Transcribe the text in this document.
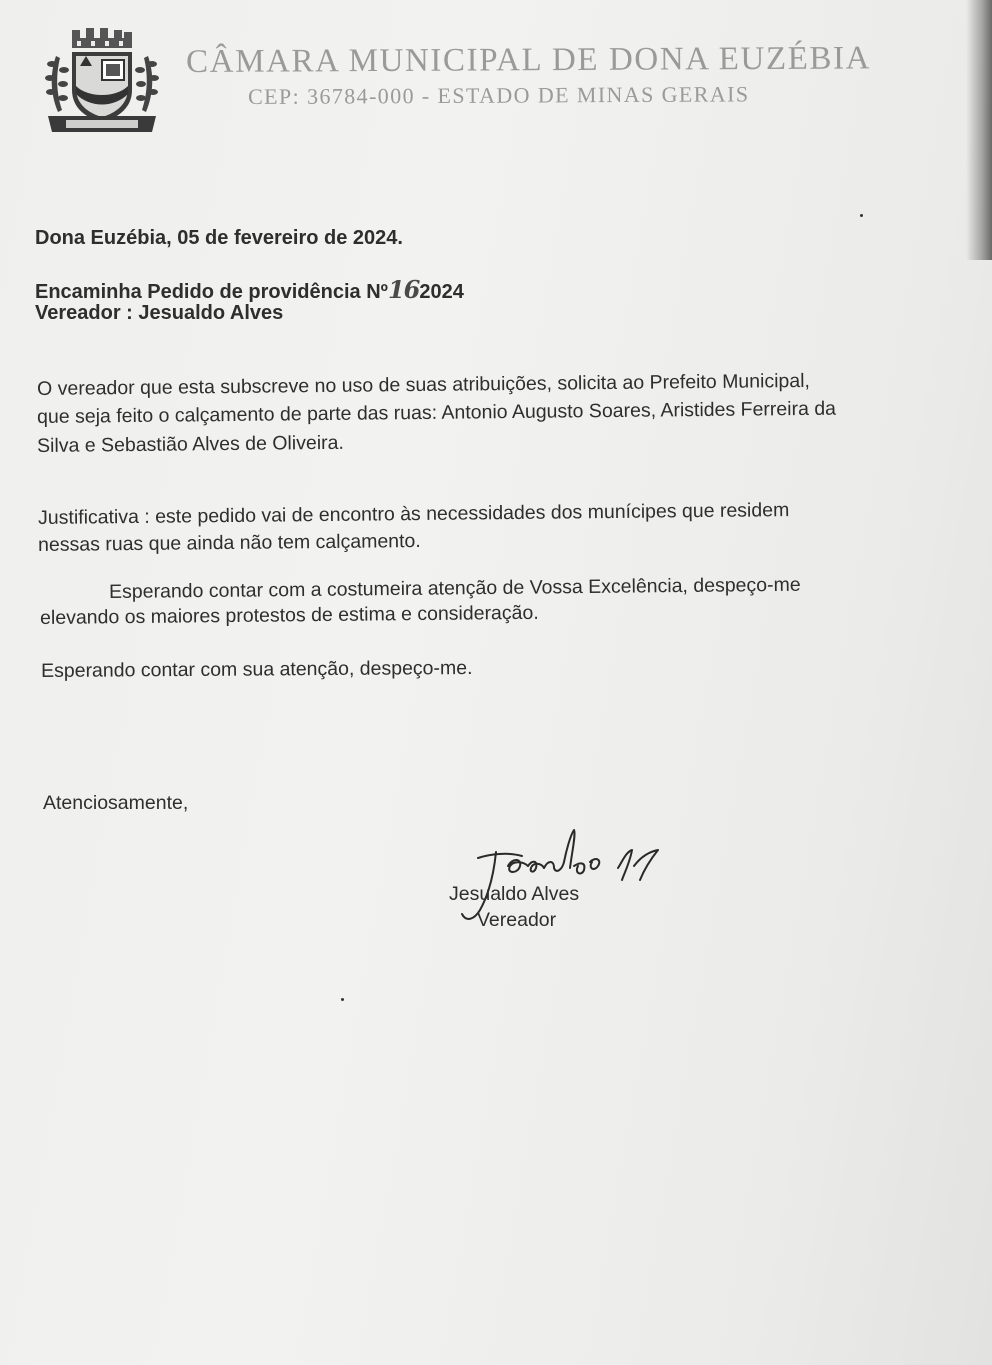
CÂMARA MUNICIPAL DE DONA EUZÉBIA
CEP: 36784-000 - ESTADO DE MINAS GERAIS
Dona Euzébia, 05 de fevereiro de 2024.
Encaminha Pedido de providência Nº162024
Vereador : Jesualdo Alves
O vereador que esta subscreve no uso de suas atribuições, solicita ao Prefeito Municipal,
que seja feito o calçamento de parte das ruas: Antonio Augusto Soares, Aristides Ferreira da
Silva e Sebastião Alves de Oliveira.
Justificativa : este pedido vai de encontro às necessidades dos munícipes que residem
nessas ruas que ainda não tem calçamento.
Esperando contar com a costumeira atenção de Vossa Excelência, despeço-me
elevando os maiores protestos de estima e consideração.
Esperando contar com sua atenção, despeço-me.
Atenciosamente,
Jesualdo Alves
Vereador
